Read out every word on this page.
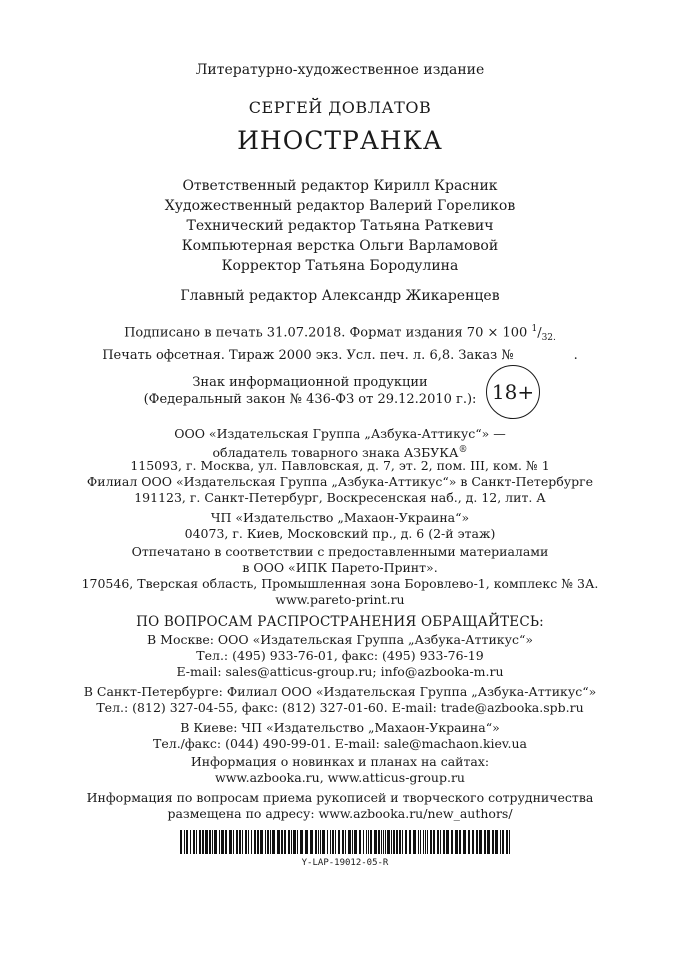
Литературно-художественное издание
СЕРГЕЙ ДОВЛАТОВ
ИНОСТРАНКА
Ответственный редактор Кирилл Красник
Художественный редактор Валерий Гореликов
Технический редактор Татьяна Раткевич
Компьютерная верстка Ольги Варламовой
Корректор Татьяна Бородулина
Главный редактор Александр Жикаренцев
Подписано в печать 31.07.2018. Формат издания 70 × 100 $^1/_{32.}$
Печать офсетная. Тираж 2000 экз. Усл. печ. л. 6,8. Заказ №	.
Знак информационной продукции
(Федеральный закон № 436-ФЗ от 29.12.2010 г.): 18+
ООО «Издательская Группа „Азбука-Аттикус“» —
обладатель товарного знака АЗБУКА®
115093, г. Москва, ул. Павловская, д. 7, эт. 2, пом. III, ком. № 1
Филиал ООО «Издательская Группа „Азбука-Аттикус“» в Санкт-Петербурге
191123, г. Санкт-Петербург, Воскресенская наб., д. 12, лит. А
ЧП «Издательство „Махаон-Украина“»
04073, г. Киев, Московский пр., д. 6 (2-й этаж)
Отпечатано в соответствии с предоставленными материалами
в ООО «ИПК Парето-Принт».
170546, Тверская область, Промышленная зона Боровлево-1, комплекс № 3А.
www.pareto-print.ru
ПО ВОПРОСАМ РАСПРОСТРАНЕНИЯ ОБРАЩАЙТЕСЬ:
В Москве: ООО «Издательская Группа „Азбука-Аттикус“»
Тел.: (495) 933-76-01, факс: (495) 933-76-19
E-mail: sales@atticus-group.ru; info@azbooka-m.ru
В Санкт-Петербурге: Филиал ООО «Издательская Группа „Азбука-Аттикус“»
Тел.: (812) 327-04-55, факс: (812) 327-01-60. E-mail: trade@azbooka.spb.ru
В Киеве: ЧП «Издательство „Махаон-Украина“»
Тел./факс: (044) 490-99-01. E-mail: sale@machaon.kiev.ua
Информация о новинках и планах на сайтах:
www.azbooka.ru, www.atticus-group.ru
Информация по вопросам приема рукописей и творческого сотрудничества
размещена по адресу: www.azbooka.ru/new_authors/
Y-LAP-19012-05-R
